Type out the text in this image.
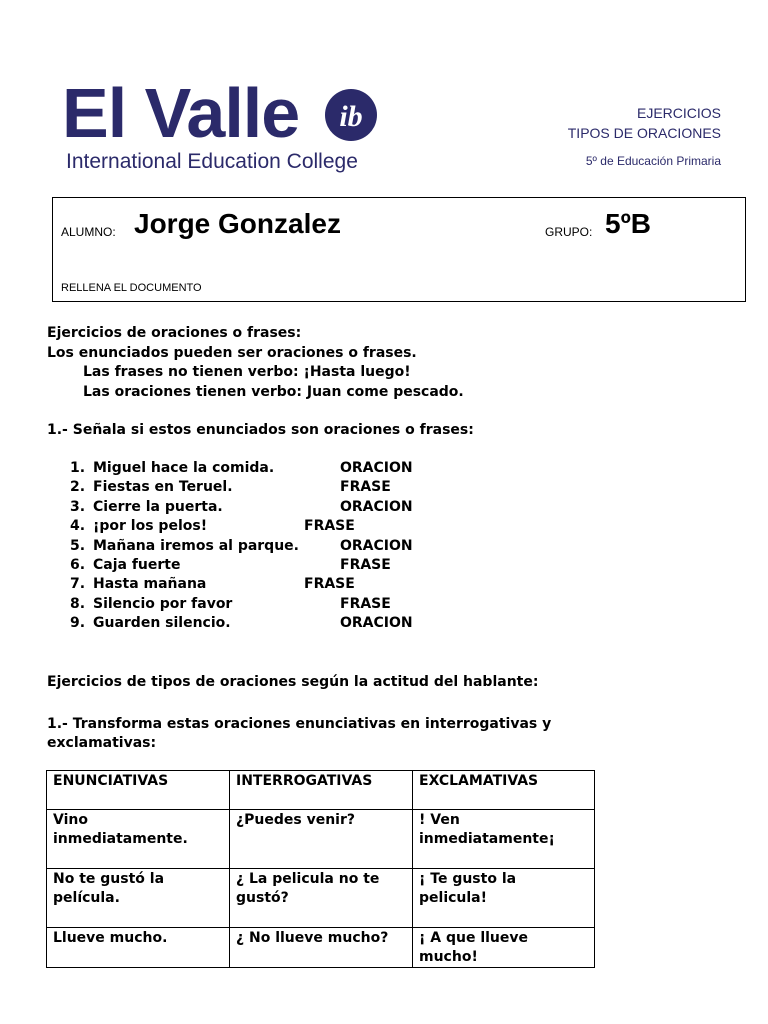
El Valle ib
International Education College
EJERCICIOS
TIPOS DE ORACIONES
5º de Educación Primaria
ALUMNO: Jorge Gonzalez	GRUPO: 5ºB
RELLENA EL DOCUMENTO
Ejercicios de oraciones o frases:
Los enunciados pueden ser oraciones o frases.
Las frases no tienen verbo: ¡Hasta luego!
Las oraciones tienen verbo: Juan come pescado.
1.- Señala si estos enunciados son oraciones o frases:
1. Miguel hace la comida.	ORACION
2. Fiestas en Teruel.	FRASE
3. Cierre la puerta.	ORACION
4. ¡por los pelos!	FRASE
5. Mañana iremos al parque.	ORACION
6. Caja fuerte	FRASE
7. Hasta mañana	FRASE
8. Silencio por favor	FRASE
9. Guarden silencio.	ORACION
Ejercicios de tipos de oraciones según la actitud del hablante:
1.- Transforma estas oraciones enunciativas en interrogativas y
exclamativas:
ENUNCIATIVAS	INTERROGATIVAS	EXCLAMATIVAS
Vino inmediatamente.	¿Puedes venir?	! Ven inmediatamente¡
No te gustó la película.	¿ La pelicula no te gustó?	¡ Te gusto la pelicula!
Llueve mucho.	¿ No llueve mucho?	¡ A que llueve mucho!
